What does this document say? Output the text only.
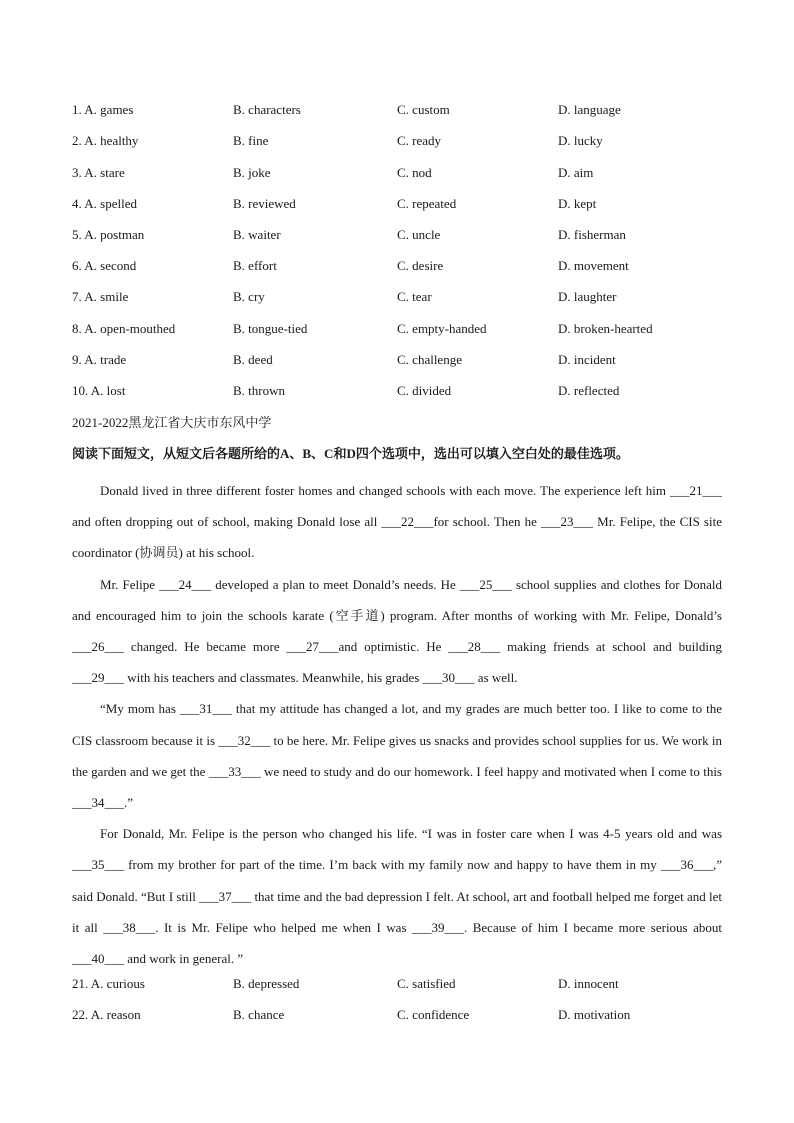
1. A. games	B. characters	C. custom	D. language
2. A. healthy	B. fine	C. ready	D. lucky
3. A. stare	B. joke	C. nod	D. aim
4. A. spelled	B. reviewed	C. repeated	D. kept
5. A. postman	B. waiter	C. uncle	D. fisherman
6. A. second	B. effort	C. desire	D. movement
7. A. smile	B. cry	C. tear	D. laughter
8. A. open-mouthed	B. tongue-tied	C. empty-handed	D. broken-hearted
9. A. trade	B. deed	C. challenge	D. incident
10. A. lost	B. thrown	C. divided	D. reflected
2021-2022黑龙江省大庆市东风中学
阅读下面短文，从短文后各题所给的A、B、C和D四个选项中，选出可以填入空白处的最佳选项。

Donald lived in three different foster homes and changed schools with each move. The experience left him ___21___ and often dropping out of school, making Donald lose all ___22___for school. Then he ___23___ Mr. Felipe, the CIS site coordinator (协调员) at his school.

Mr. Felipe ___24___ developed a plan to meet Donald’s needs. He ___25___ school supplies and clothes for Donald and encouraged him to join the schools karate (空手道) program. After months of working with Mr. Felipe, Donald’s ___26___ changed. He became more ___27___and optimistic. He ___28___ making friends at school and building ___29___ with his teachers and classmates. Meanwhile, his grades ___30___ as well.

“My mom has ___31___ that my attitude has changed a lot, and my grades are much better too. I like to come to the CIS classroom because it is ___32___ to be here. Mr. Felipe gives us snacks and provides school supplies for us. We work in the garden and we get the ___33___ we need to study and do our homework. I feel happy and motivated when I come to this ___34___.”

For Donald, Mr. Felipe is the person who changed his life. “I was in foster care when I was 4-5 years old and was ___35___ from my brother for part of the time. I’m back with my family now and happy to have them in my ___36___,” said Donald. “But I still ___37___ that time and the bad depression I felt. At school, art and football helped me forget and let it all ___38___. It is Mr. Felipe who helped me when I was ___39___. Because of him I became more serious about ___40___ and work in general. ”

21. A. curious	B. depressed	C. satisfied	D. innocent
22. A. reason	B. chance	C. confidence	D. motivation
